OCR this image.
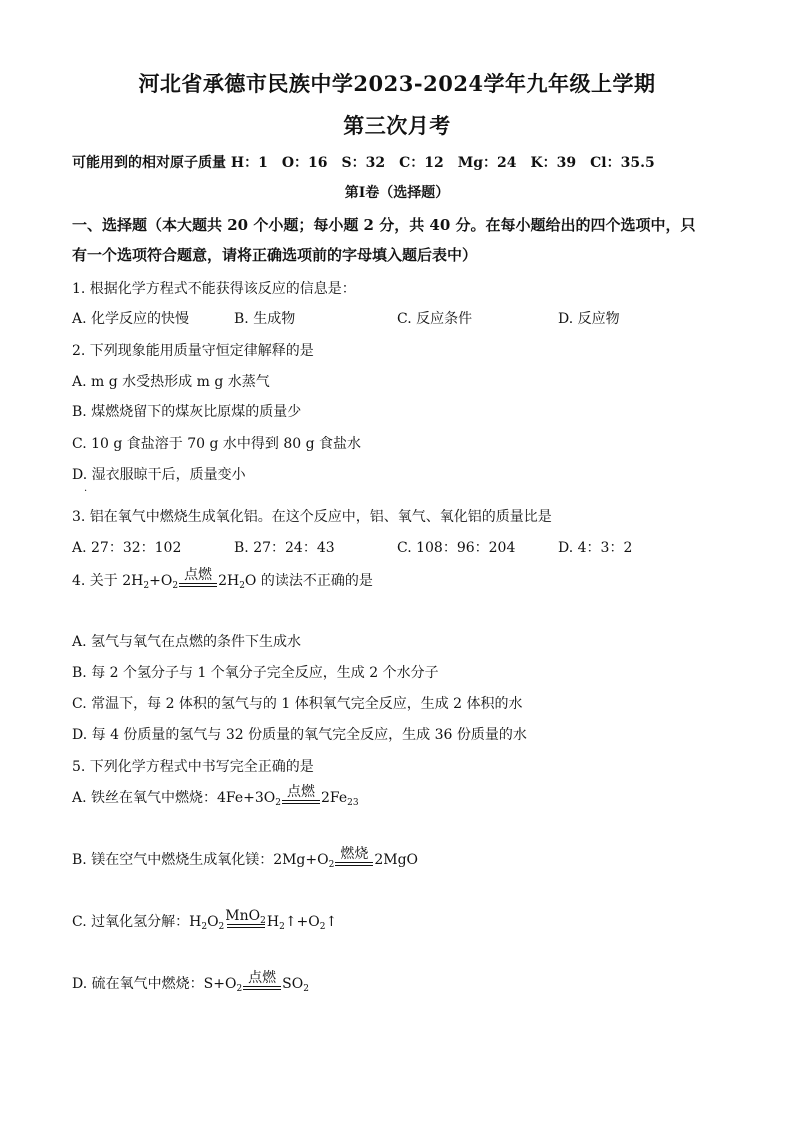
河北省承德市民族中学2023-2024学年九年级上学期
第三次月考
可能用到的相对原子质量 H：1　O：16　S：32　C：12　Mg：24　K：39　Cl：35.5
第I卷（选择题）
一、选择题（本大题共 20 个小题；每小题 2 分，共 40 分。在每小题给出的四个选项中，只
有一个选项符合题意，请将正确选项前的字母填入题后表中）
1. 根据化学方程式不能获得该反应的信息是：
A. 化学反应的快慢	B. 生成物	C. 反应条件	D. 反应物
2. 下列现象能用质量守恒定律解释的是
A. m g 水受热形成 m g 水蒸气
B. 煤燃烧留下的煤灰比原煤的质量少
C. 10 g 食盐溶于 70 g 水中得到 80 g 食盐水
D. 湿衣服晾干后，质量变小
.
3. 铝在氧气中燃烧生成氧化铝。在这个反应中，铝、氧气、氧化铝的质量比是
A. 27：32：102	B. 27：24：43	C. 108：96：204	D. 4：3：2
4. 关于 $2H_2+O_2$
点燃 $2H_2O$ 的读法不正确的是
A. 氢气与氧气在点燃的条件下生成水
B. 每 2 个氢分子与 1 个氧分子完全反应，生成 2 个水分子
C. 常温下，每 2 体积的氢气与的 1 体积氧气完全反应，生成 2 体积的水
D. 每 4 份质量的氢气与 32 份质量的氧气完全反应，生成 36 份质量的水
5. 下列化学方程式中书写完全正确的是
A. 铁丝在氧气中燃烧：$4Fe+3O_2$
点燃 $2Fe_{23}$
B. 镁在空气中燃烧生成氧化镁：$2Mg+O_2$
燃烧 2MgO
C. 过氧化氢分解：$H_2O_2$
MnO$_2$ $H_2↑+O_2↑$
D. 硫在氧气中燃烧：$S+O_2$
点燃 $SO_2$
